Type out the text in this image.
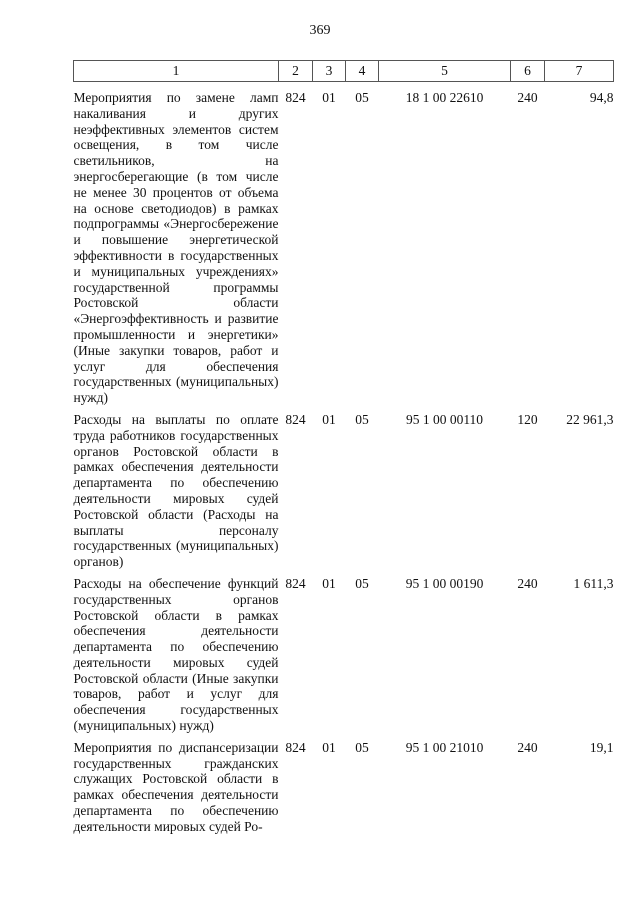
369
1	2	3	4	5	6	7
Мероприятия по замене ламп накаливания и других неэффективных элементов систем освещения, в том числе светильников, на энергосберегающие (в том числе не менее 30 процентов от объема на основе светодиодов) в рамках подпрограммы «Энергосбережение и повышение энергетической эффективности в государственных и муниципальных учреждениях» государственной программы Ростовской области «Энергоэффективность и развитие промышленности и энергетики» (Иные закупки товаров, работ и услуг для обеспечения государственных (муниципальных) нужд)	824	01	05	18 1 00 22610	240	94,8

Расходы на выплаты по оплате труда работников государственных органов Ростовской области в рамках обеспечения деятельности департамента по обеспечению деятельности мировых судей Ростовской области (Расходы на выплаты персоналу государственных (муниципальных) органов)	824	01	05	95 1 00 00110	120	22 961,3

Расходы на обеспечение функций государственных органов Ростовской области в рамках обеспечения деятельности департамента по обеспечению деятельности мировых судей Ростовской области (Иные закупки товаров, работ и услуг для обеспечения государственных (муниципальных) нужд)	824	01	05	95 1 00 00190	240	1 611,3

Мероприятия по диспансеризации государственных гражданских служащих Ростовской области в рамках обеспечения деятельности департамента по обеспечению деятельности мировых судей Ро-	824	01	05	95 1 00 21010	240	19,1
